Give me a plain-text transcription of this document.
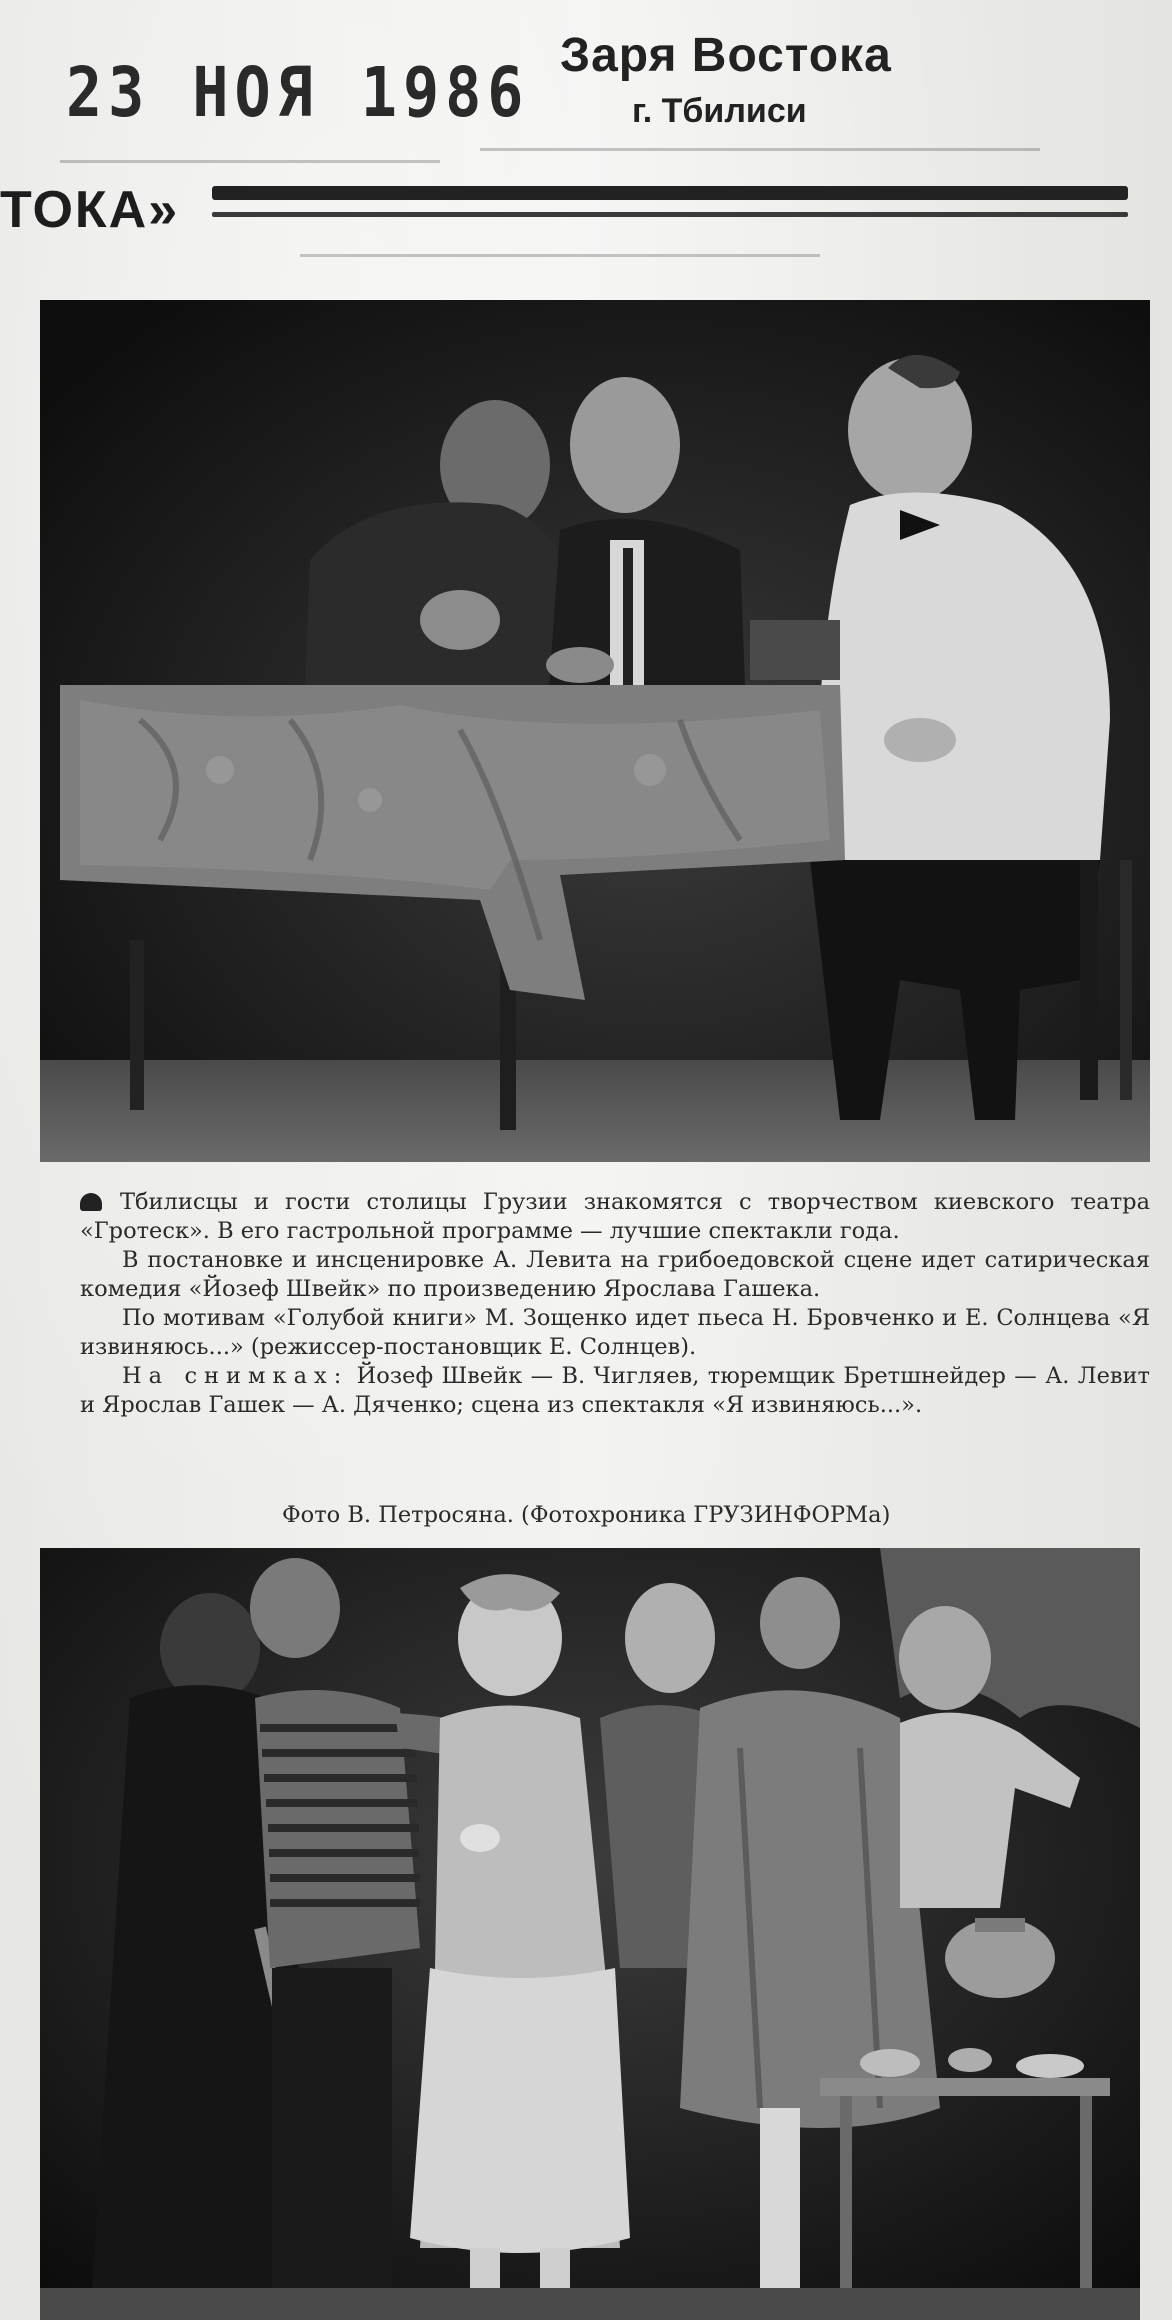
23 НОЯ 1986 Заря Востока
г. Тбилиси
ТОКА»

Тбилисцы и гости столицы Грузии знакомятся с творчеством киевского театра «Гротеск». В его гастрольной программе — лучшие спектакли года.

В постановке и инсценировке А. Левита на грибоедовской сцене идет сатирическая комедия «Йозеф Швейк» по произведению Ярослава Гашека.

По мотивам «Голубой книги» М. Зощенко идет пьеса Н. Бровченко и Е. Солнцева «Я извиняюсь...» (режиссер-постановщик Е. Солнцев).

На снимках: Йозеф Швейк — В. Чигляев, тюремщик Бретшнейдер — А. Левит и Ярослав Гашек — А. Дяченко; сцена из спектакля «Я извиняюсь...».

Фото В. Петросяна. (Фотохроника ГРУЗИНФОРМа)
